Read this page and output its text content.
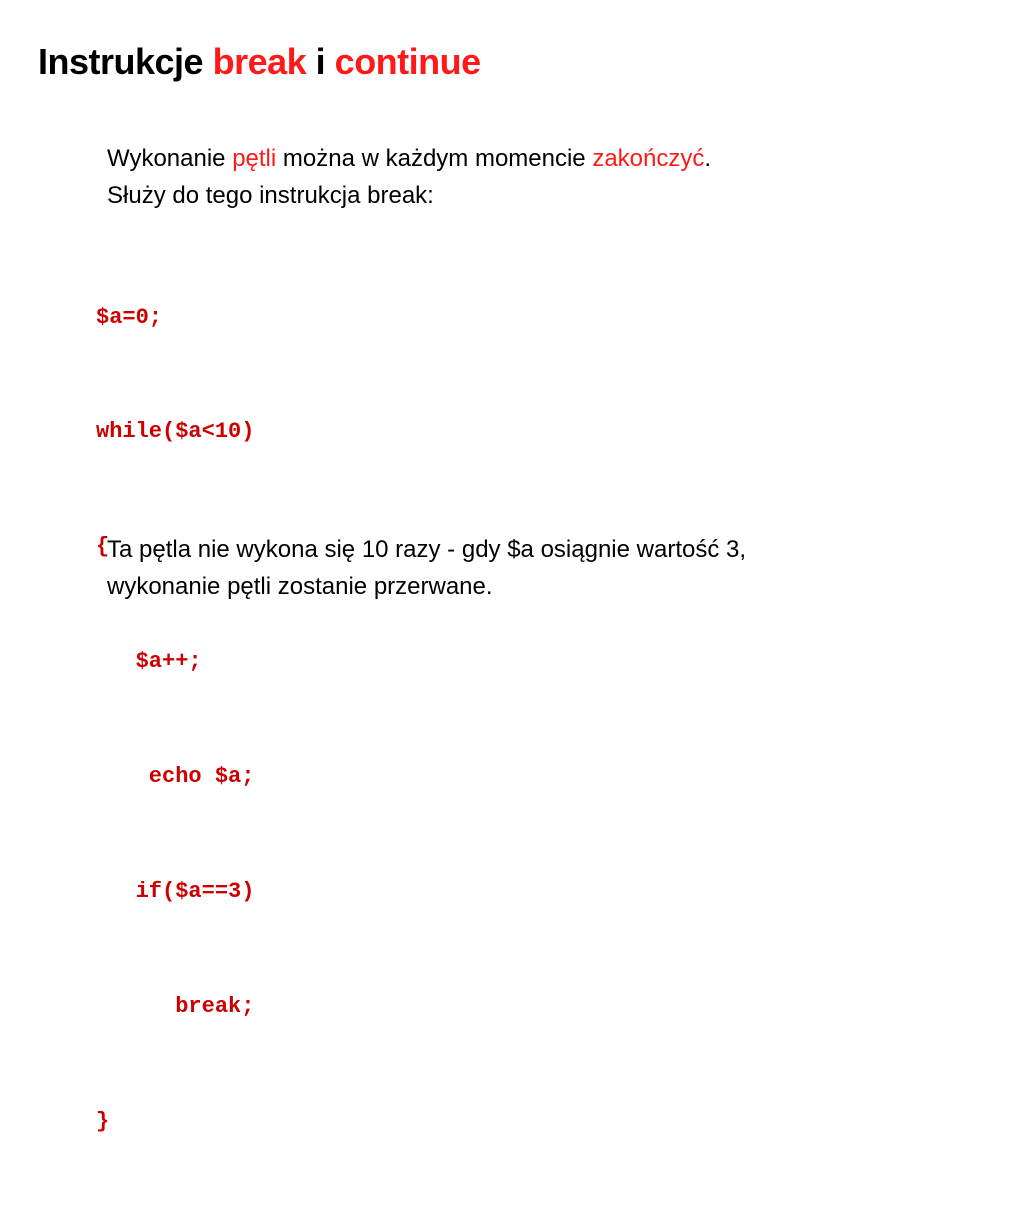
Instrukcje break i continue
Wykonanie pętli można w każdym momencie zakończyć.
Służy do tego instrukcja break:

$a=0;

while($a<10)

{

$a++;

echo $a;

if($a==3)

break;

}

Ta pętla nie wykona się 10 razy - gdy $a osiągnie wartość 3,
wykonanie pętli zostanie przerwane.
